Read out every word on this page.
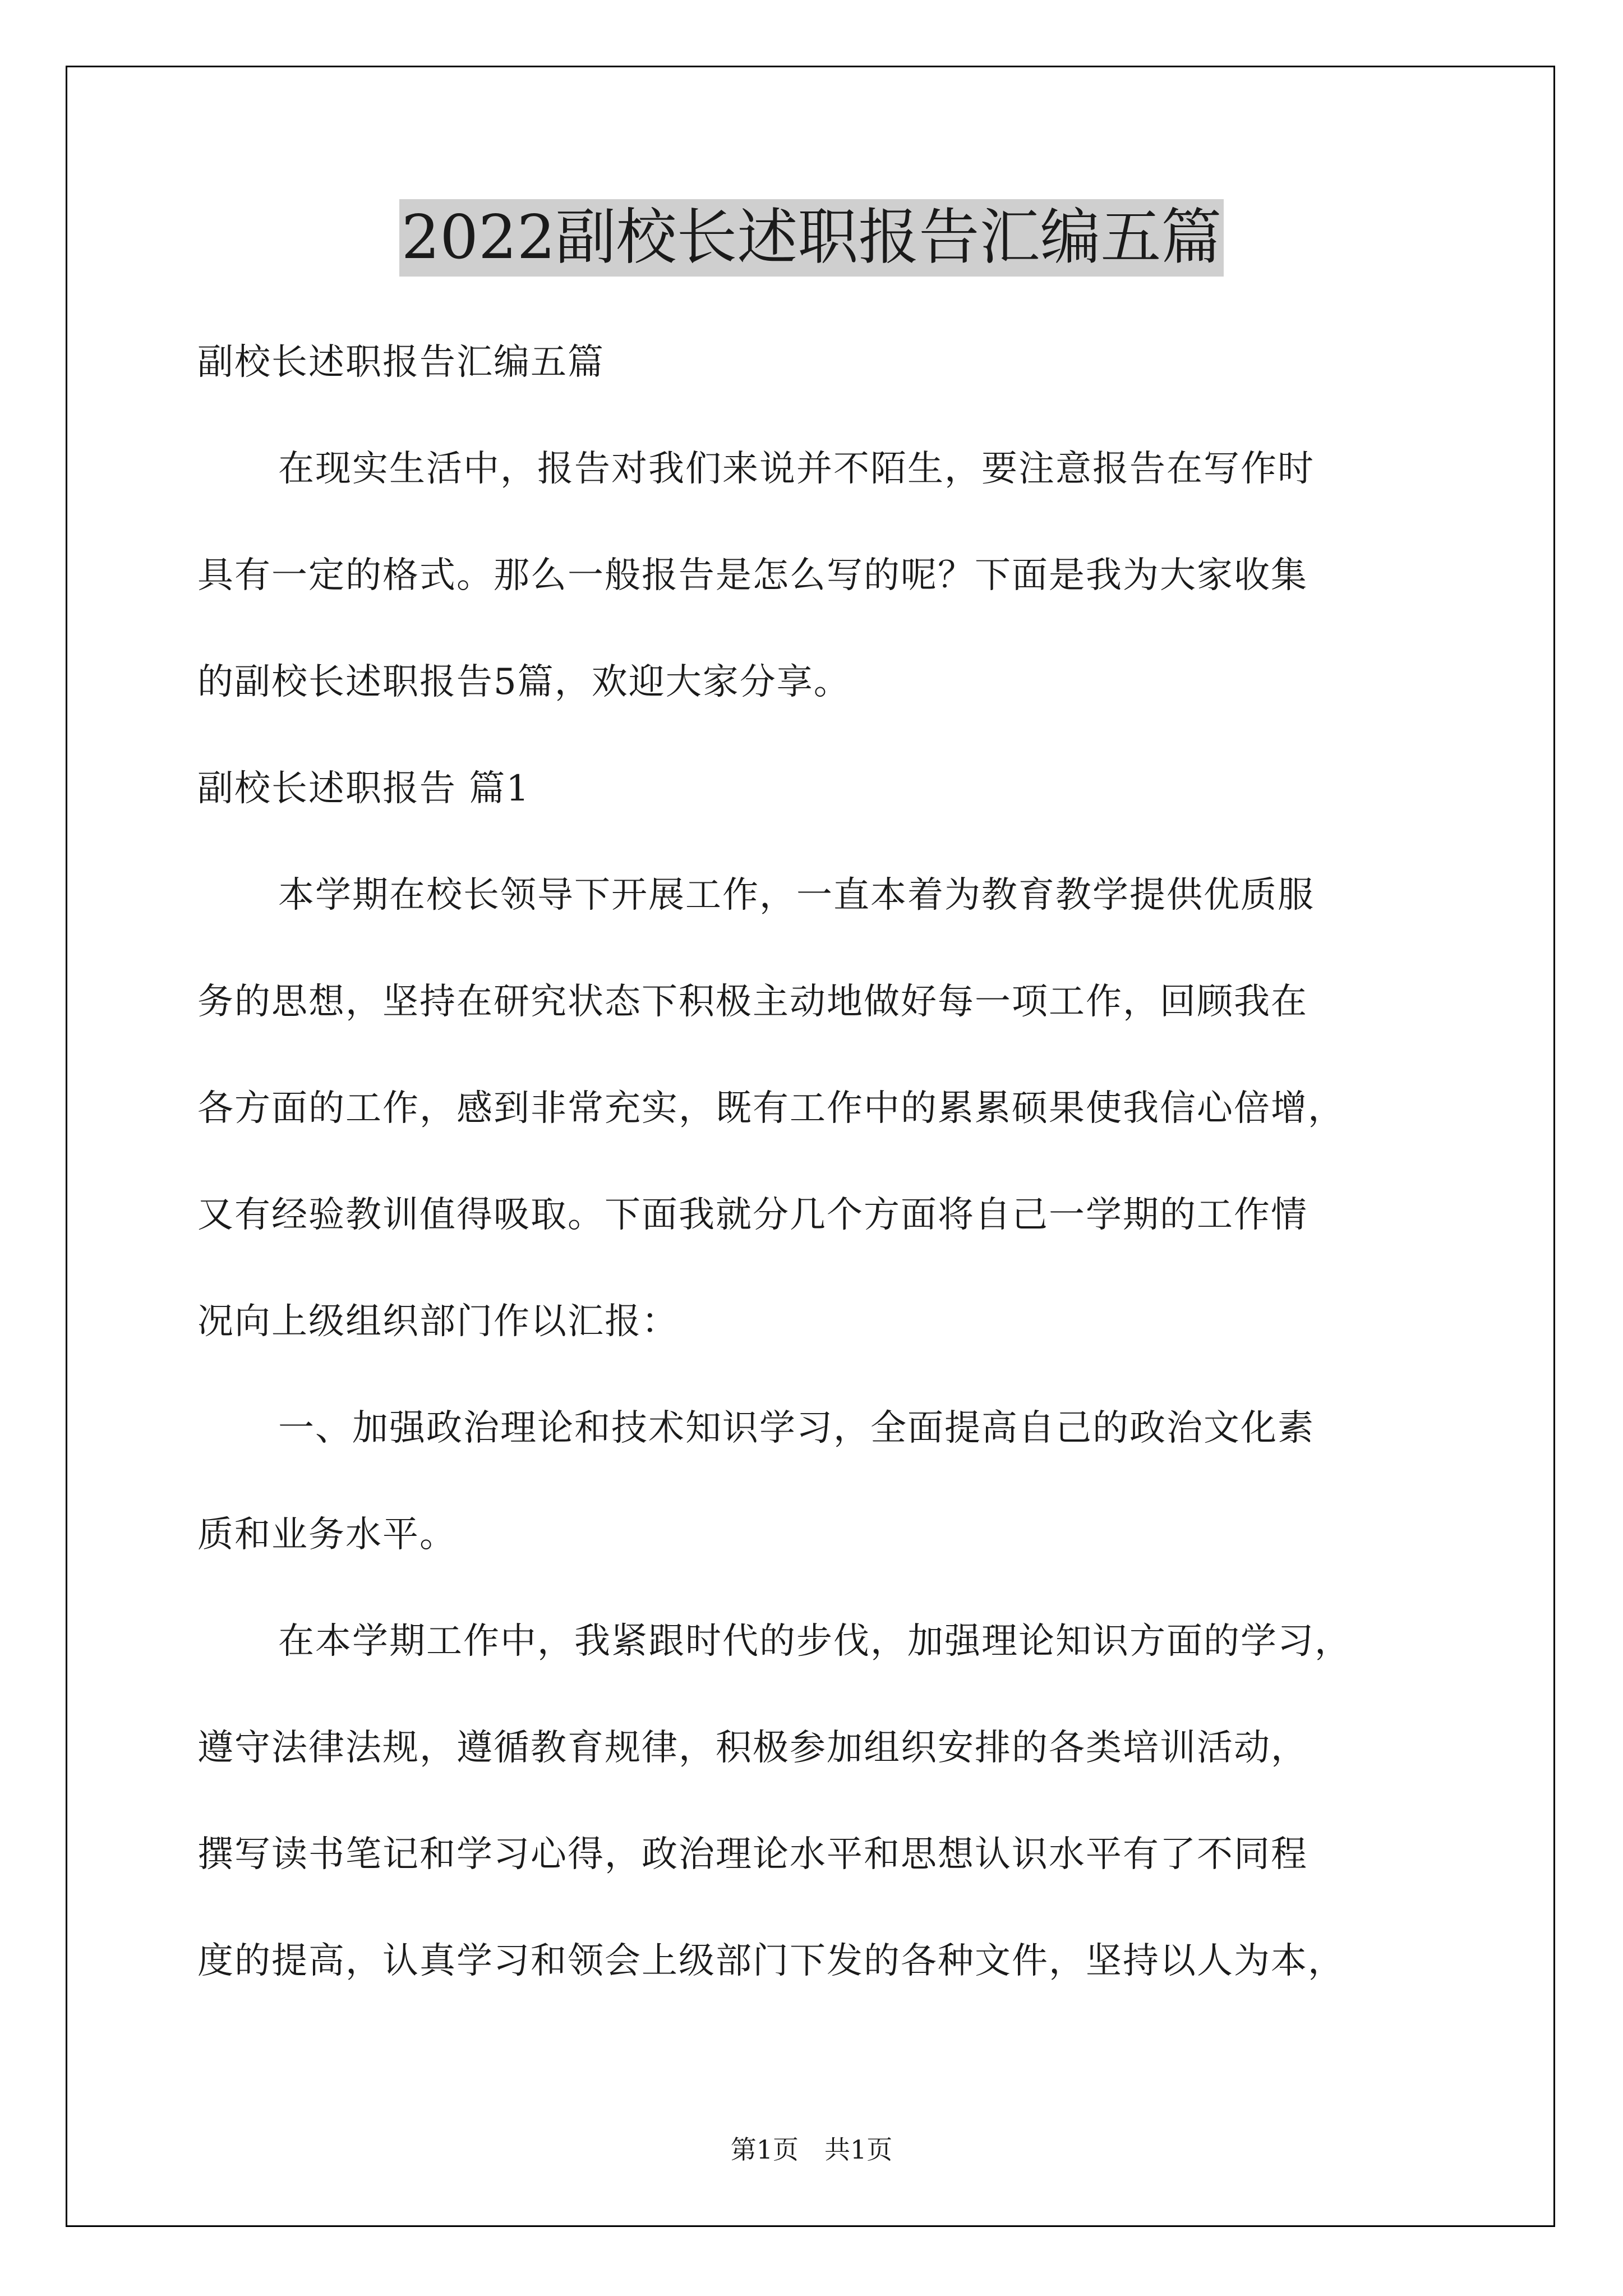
2022副校长述职报告汇编五篇
副校长述职报告汇编五篇
在现实生活中，报告对我们来说并不陌生，要注意报告在写作时
具有一定的格式。那么一般报告是怎么写的呢？下面是我为大家收集
的副校长述职报告5篇，欢迎大家分享。
副校长述职报告 篇1
本学期在校长领导下开展工作，一直本着为教育教学提供优质服
务的思想，坚持在研究状态下积极主动地做好每一项工作，回顾我在
各方面的工作，感到非常充实，既有工作中的累累硕果使我信心倍增，
又有经验教训值得吸取。下面我就分几个方面将自己一学期的工作情
况向上级组织部门作以汇报：
一、加强政治理论和技术知识学习，全面提高自己的政治文化素
质和业务水平。
在本学期工作中，我紧跟时代的步伐，加强理论知识方面的学习，
遵守法律法规，遵循教育规律，积极参加组织安排的各类培训活动，
撰写读书笔记和学习心得，政治理论水平和思想认识水平有了不同程
度的提高，认真学习和领会上级部门下发的各种文件，坚持以人为本，
第1页　共1页
